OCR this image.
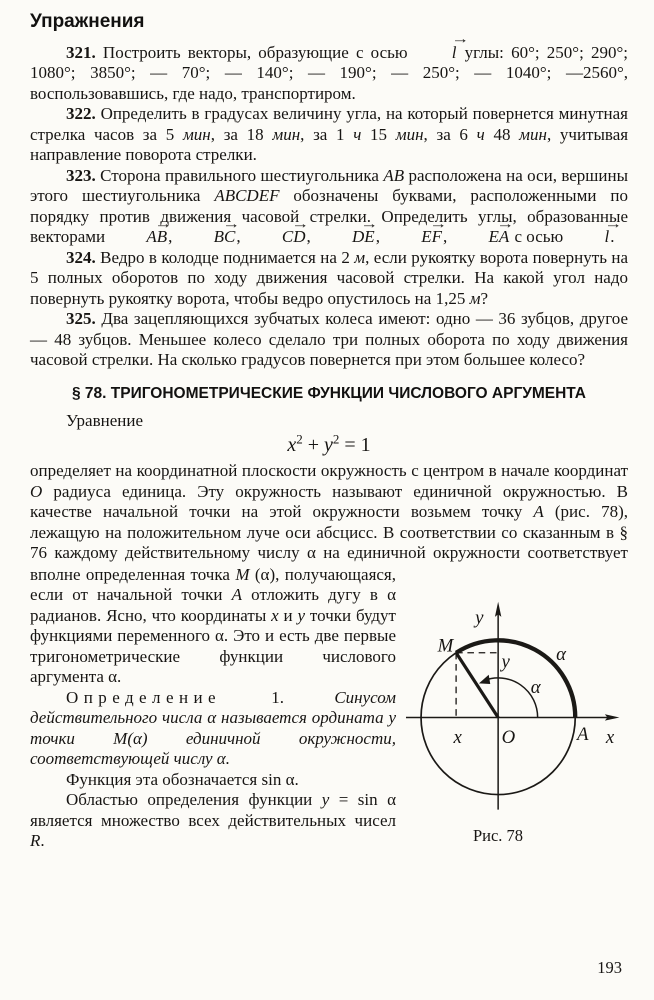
Упражнения

321. Построить векторы, образующие с осью l → углы: 60°; 250°; 290°; 1080°; 3850°; — 70°; — 140°; — 190°; — 250°; — 1040°; —2560°, воспользовавшись, где надо, транспортиром.

322. Определить в градусах величину угла, на который повернется минутная стрелка часов за 5 мин, за 18 мин, за 1 ч 15 мин, за 6 ч 48 мин, учитывая направление поворота стрелки.

323. Сторона правильного шестиугольника AB расположена на оси, вершины этого шестиугольника ABCDEF обозначены буквами, расположенными по порядку против движения часовой стрелки. Определить углы, образованные векторами AB →, BC →, CD →, DE →, EF →, EA → с осью l →.

324. Ведро в колодце поднимается на 2 м, если рукоятку ворота повернуть на 5 полных оборотов по ходу движения часовой стрелки. На какой угол надо повернуть рукоятку ворота, чтобы ведро опустилось на 1,25 м?

325. Два зацепляющихся зубчатых колеса имеют: одно — 36 зубцов, другое — 48 зубцов. Меньшее колесо сделало три полных оборота по ходу движения часовой стрелки. На сколько градусов повернется при этом большее колесо?

§ 78. ТРИГОНОМЕТРИЧЕСКИЕ ФУНКЦИИ ЧИСЛОВОГО АРГУМЕНТА

Уравнение

$x^2 + y^2 = 1$

определяет на координатной плоскости окружность с центром в начале координат O радиуса единица. Эту окружность называют единичной окружностью. В качестве начальной точки на этой окружности возьмем точку A (рис. 78), лежащую на положительном луче оси абсцисс. В соответствии со сказанным в § 76 каждому действительному числу α на единичной окружности соответствует

y
x
M
y
x O	A
α
α
Рис. 78

вполне определенная точка M (α), получающаяся, если от начальной точки A отложить дугу в α радианов. Ясно, что координаты x и y точки будут функциями переменного α. Это и есть две первые тригонометрические функции числового аргумента α.

Определение 1. Синусом действительного числа α называется ордината y точки M(α) единичной окружности, соответствующей числу α.

Функция эта обозначается sin α.

Областью определения функции y = sin α является множество всех действительных чисел R.

193
